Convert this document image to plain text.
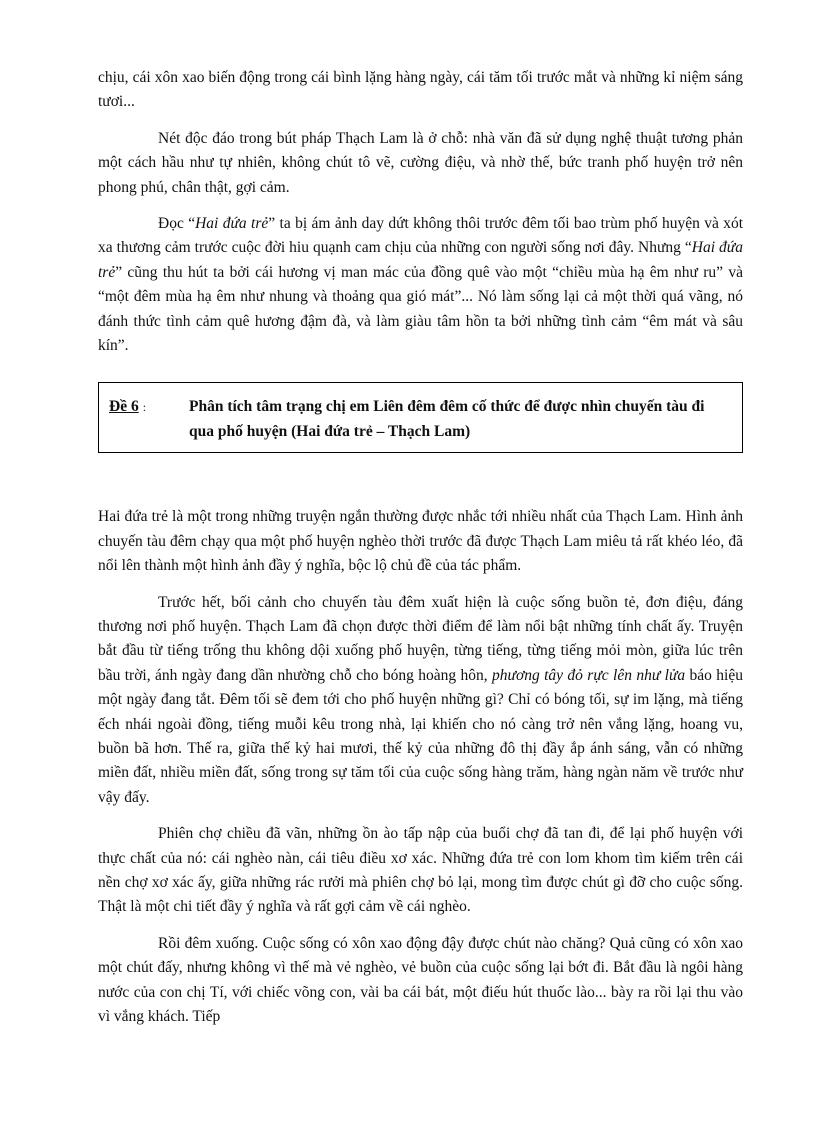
chịu, cái xôn xao biến động trong cái bình lặng hàng ngày, cái tăm tối trước mắt và những kỉ niệm sáng tươi...

Nét độc đáo trong bút pháp Thạch Lam là ở chỗ: nhà văn đã sử dụng nghệ thuật tương phản một cách hầu như tự nhiên, không chút tô vẽ, cường điệu, và nhờ thế, bức tranh phố huyện trở nên phong phú, chân thật, gợi cảm.

Đọc “Hai đứa trẻ” ta bị ám ảnh day dứt không thôi trước đêm tối bao trùm phố huyện và xót xa thương cảm trước cuộc đời hiu quạnh cam chịu của những con người sống nơi đây. Nhưng “Hai đứa trẻ” cũng thu hút ta bởi cái hương vị man mác của đồng quê vào một “chiều mùa hạ êm như ru” và “một đêm mùa hạ êm như nhung và thoảng qua gió mát”... Nó làm sống lại cả một thời quá vãng, nó đánh thức tình cảm quê hương đậm đà, và làm giàu tâm hồn ta bởi những tình cảm “êm mát và sâu kín”.

Đề 6 :	Phân tích tâm trạng chị em Liên đêm đêm cố thức để được nhìn chuyến tàu đi qua phố huyện (Hai đứa trẻ – Thạch Lam)

Hai đứa trẻ là một trong những truyện ngắn thường được nhắc tới nhiều nhất của Thạch Lam. Hình ảnh chuyến tàu đêm chạy qua một phố huyện nghèo thời trước đã được Thạch Lam miêu tả rất khéo léo, đã nổi lên thành một hình ảnh đầy ý nghĩa, bộc lộ chủ đề của tác phẩm.

Trước hết, bối cảnh cho chuyến tàu đêm xuất hiện là cuộc sống buồn tẻ, đơn điệu, đáng thương nơi phố huyện. Thạch Lam đã chọn được thời điểm để làm nổi bật những tính chất ấy. Truyện bắt đầu từ tiếng trống thu không dội xuống phố huyện, từng tiếng, từng tiếng mỏi mòn, giữa lúc trên bầu trời, ánh ngày đang dần nhường chỗ cho bóng hoàng hôn, phương tây đỏ rực lên như lửa báo hiệu một ngày đang tắt. Đêm tối sẽ đem tới cho phố huyện những gì? Chỉ có bóng tối, sự im lặng, mà tiếng ếch nhái ngoài đồng, tiếng muỗi kêu trong nhà, lại khiến cho nó càng trở nên vắng lặng, hoang vu, buồn bã hơn. Thế ra, giữa thế kỷ hai mươi, thế kỷ của những đô thị đầy ắp ánh sáng, vẫn có những miền đất, nhiều miền đất, sống trong sự tăm tối của cuộc sống hàng trăm, hàng ngàn năm về trước như vậy đấy.

Phiên chợ chiều đã vãn, những ồn ào tấp nập của buổi chợ đã tan đi, để lại phố huyện với thực chất của nó: cái nghèo nàn, cái tiêu điều xơ xác. Những đứa trẻ con lom khom tìm kiếm trên cái nền chợ xơ xác ấy, giữa những rác rưởi mà phiên chợ bỏ lại, mong tìm được chút gì đỡ cho cuộc sống. Thật là một chi tiết đầy ý nghĩa và rất gợi cảm về cái nghèo.

Rồi đêm xuống. Cuộc sống có xôn xao động đậy được chút nào chăng? Quả cũng có xôn xao một chút đấy, nhưng không vì thế mà vẻ nghèo, vẻ buồn của cuộc sống lại bớt đi. Bắt đầu là ngôi hàng nước của con chị Tí, với chiếc võng con, vài ba cái bát, một điếu hút thuốc lào... bày ra rồi lại thu vào vì vắng khách. Tiếp
